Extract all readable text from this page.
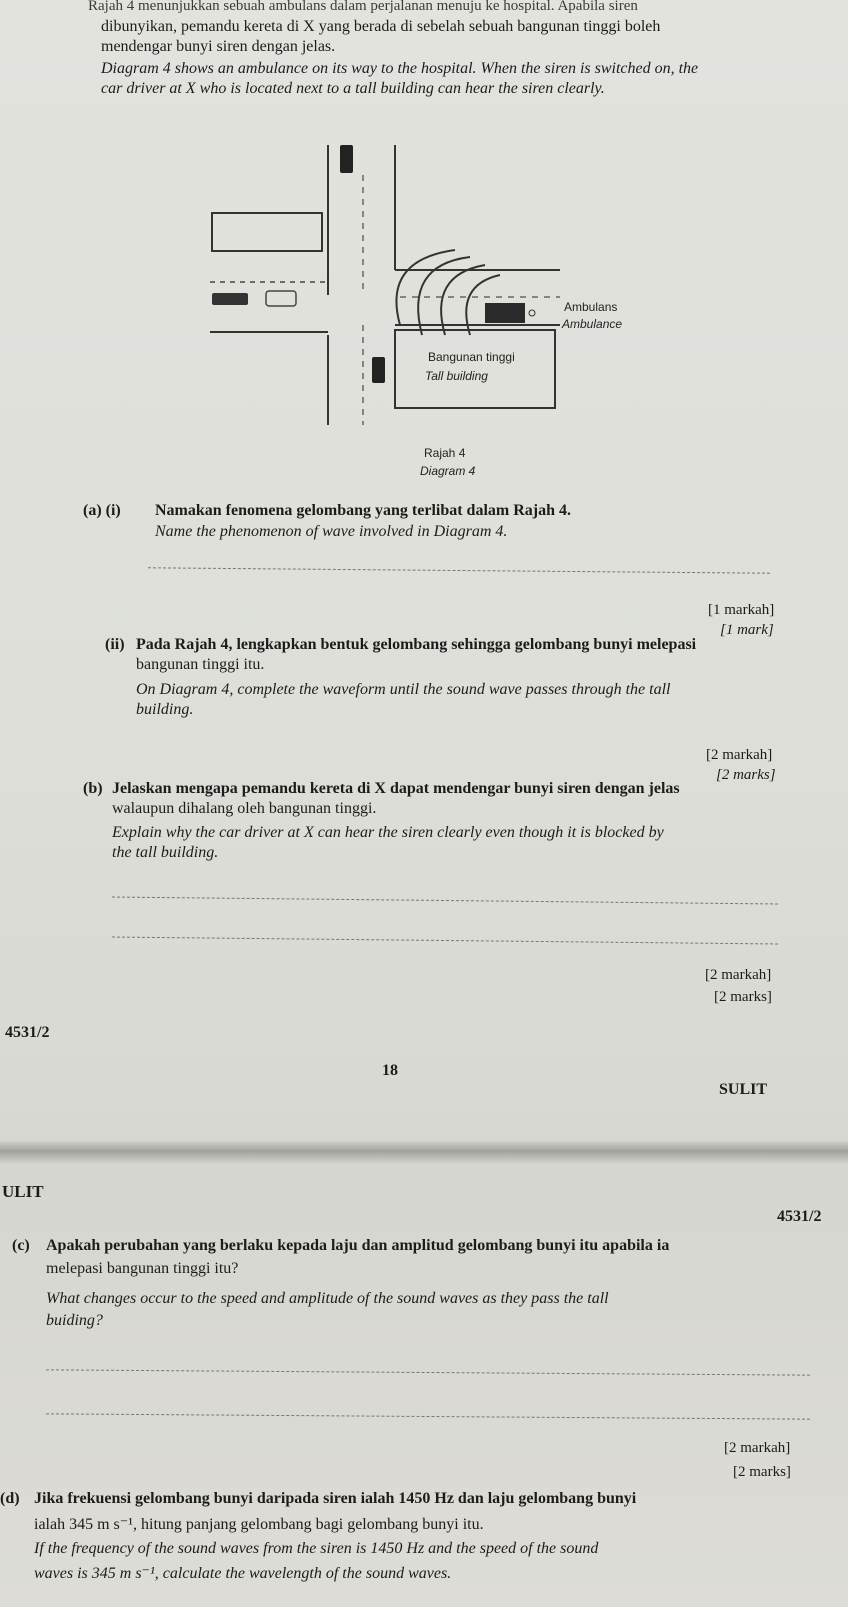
Rajah 4 menunjukkan sebuah ambulans dalam perjalanan menuju ke hospital. Apabila siren
dibunyikan, pemandu kereta di X yang berada di sebelah sebuah bangunan tinggi boleh
mendengar bunyi siren dengan jelas.
Diagram 4 shows an ambulance on its way to the hospital. When the siren is switched on, the
car driver at X who is located next to a tall building can hear the siren clearly.
Bangunan tinggi
Tall building
Ambulans
Ambulance
Rajah 4
Diagram 4
(a) (i) Namakan fenomena gelombang yang terlibat dalam Rajah 4.
Name the phenomenon of wave involved in Diagram 4.
[1 markah]
[1 mark]
(ii) Pada Rajah 4, lengkapkan bentuk gelombang sehingga gelombang bunyi melepasi
bangunan tinggi itu.
On Diagram 4, complete the waveform until the sound wave passes through the tall
building.
[2 markah]
[2 marks]
(b) Jelaskan mengapa pemandu kereta di X dapat mendengar bunyi siren dengan jelas
walaupun dihalang oleh bangunan tinggi.
Explain why the car driver at X can hear the siren clearly even though it is blocked by
the tall building.
[2 markah]
[2 marks]
4531/2
18
SULIT
ULIT
4531/2
(c) Apakah perubahan yang berlaku kepada laju dan amplitud gelombang bunyi itu apabila ia
melepasi bangunan tinggi itu?
What changes occur to the speed and amplitude of the sound waves as they pass the tall
buiding?
[2 markah]
[2 marks]
(d) Jika frekuensi gelombang bunyi daripada siren ialah 1450 Hz dan laju gelombang bunyi
ialah 345 m s⁻¹, hitung panjang gelombang bagi gelombang bunyi itu.
If the frequency of the sound waves from the siren is 1450 Hz and the speed of the sound
waves is 345 m s⁻¹, calculate the wavelength of the sound waves.
